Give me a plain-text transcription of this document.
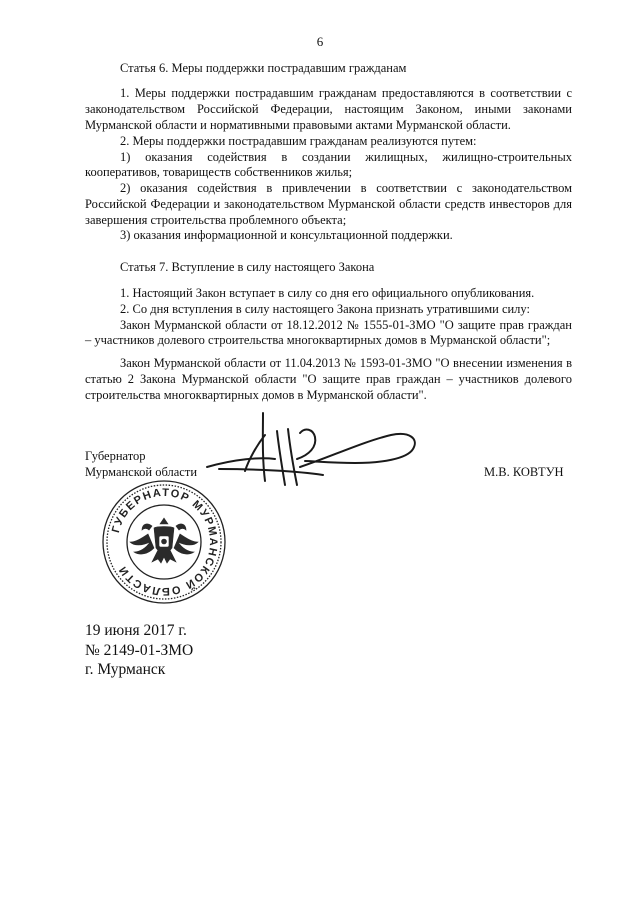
6
Статья 6. Меры поддержки пострадавшим гражданам

1. Меры поддержки пострадавшим гражданам предоставляются в соответствии с законодательством Российской Федерации, настоящим Законом, иными законами Мурманской области и нормативными правовыми актами Мурманской области.

2. Меры поддержки пострадавшим гражданам реализуются путем:

1) оказания содействия в создании жилищных, жилищно-строительных кооперативов, товариществ собственников жилья;

2) оказания содействия в привлечении в соответствии с законодательством Российской Федерации и законодательством Мурманской области средств инвесторов для завершения строительства проблемного объекта;

3) оказания информационной и консультационной поддержки.

Статья 7. Вступление в силу настоящего Закона

1. Настоящий Закон вступает в силу со дня его официального опубликования.

2. Со дня вступления в силу настоящего Закона признать утратившими силу:

Закон Мурманской области от 18.12.2012 № 1555-01-ЗМО "О защите прав граждан – участников долевого строительства многоквартирных домов в Мурманской области";

Закон Мурманской области от 11.04.2013 № 1593-01-ЗМО "О внесении изменения в статью 2 Закона Мурманской области "О защите прав граждан – участников долевого строительства многоквартирных домов в Мурманской области".

Губернатор
Мурманской области	М.В. КОВТУН
ГУБЕРНАТОР МУРМАНСКОЙ ОБЛАСТИ
19 июня 2017 г.
№ 2149-01-ЗМО
г. Мурманск
